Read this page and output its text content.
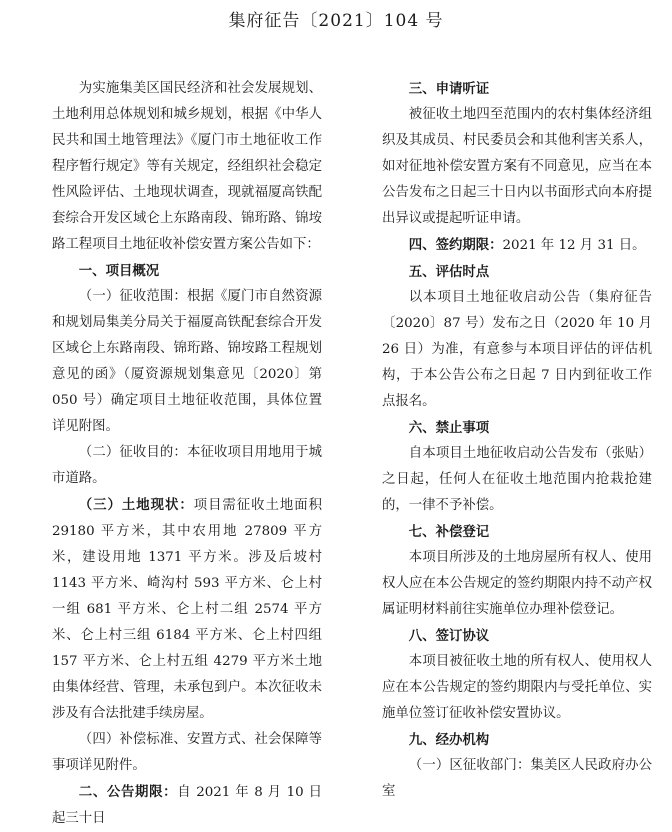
集府征告〔2021〕104 号

为实施集美区国民经济和社会发展规划、土地利用总体规划和城乡规划，根据《中华人民共和国土地管理法》《厦门市土地征收工作程序暂行规定》等有关规定，经组织社会稳定性风险评估、土地现状调查，现就福厦高铁配套综合开发区域仑上东路南段、锦珩路、锦垵路工程项目土地征收补偿安置方案公告如下：

一、项目概况

（一）征收范围：根据《厦门市自然资源和规划局集美分局关于福厦高铁配套综合开发区域仑上东路南段、锦珩路、锦垵路工程规划意见的函》（厦资源规划集意见〔2020〕第 050 号）确定项目土地征收范围，具体位置详见附图。

（二）征收目的：本征收项目用地用于城市道路。

（三）土地现状：项目需征收土地面积 29180 平方米，其中农用地 27809 平方米，建设用地 1371 平方米。涉及后坡村 1143 平方米、崎沟村 593 平方米、仑上村一组 681 平方米、仑上村二组 2574 平方米、仑上村三组 6184 平方米、仑上村四组 157 平方米、仑上村五组 4279 平方米土地由集体经营、管理，未承包到户。本次征收未涉及有合法批建手续房屋。

（四）补偿标准、安置方式、社会保障等事项详见附件。

二、公告期限：自 2021 年 8 月 10 日起三十日

三、申请听证

被征收土地四至范围内的农村集体经济组织及其成员、村民委员会和其他利害关系人，如对征地补偿安置方案有不同意见，应当在本公告发布之日起三十日内以书面形式向本府提出异议或提起听证申请。

四、签约期限：2021 年 12 月 31 日。

五、评估时点

以本项目土地征收启动公告（集府征告〔2020〕87 号）发布之日（2020 年 10 月 26 日）为准，有意参与本项目评估的评估机构，于本公告公布之日起 7 日内到征收工作点报名。

六、禁止事项

自本项目土地征收启动公告发布（张贴）之日起，任何人在征收土地范围内抢栽抢建的，一律不予补偿。

七、补偿登记

本项目所涉及的土地房屋所有权人、使用权人应在本公告规定的签约期限内持不动产权属证明材料前往实施单位办理补偿登记。

八、签订协议

本项目被征收土地的所有权人、使用权人应在本公告规定的签约期限内与受托单位、实施单位签订征收补偿安置协议。

九、经办机构

（一）区征收部门：集美区人民政府办公室
